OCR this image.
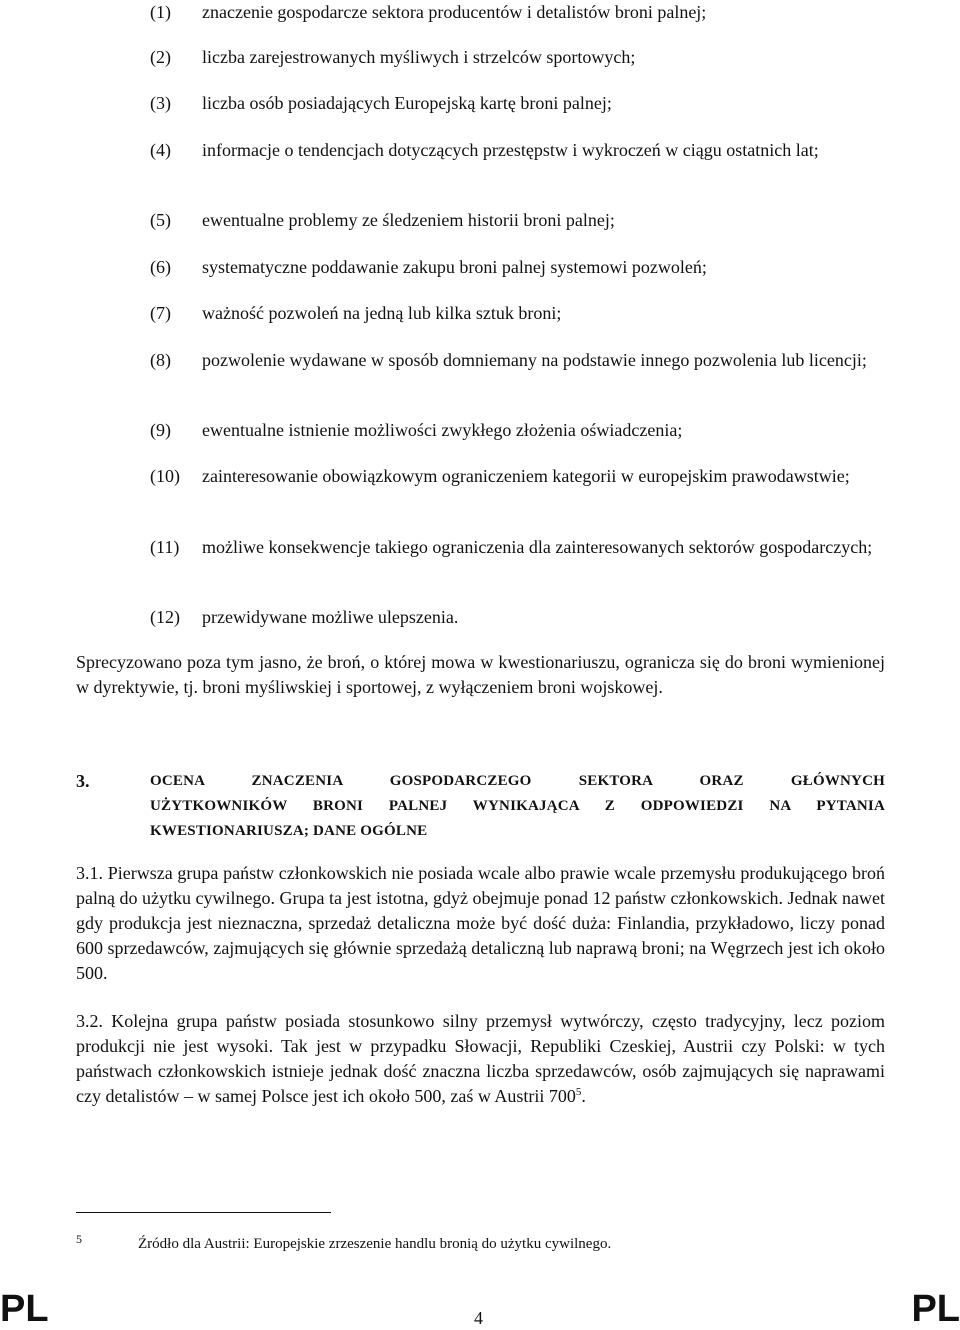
(1) znaczenie gospodarcze sektora producentów i detalistów broni palnej;
(2) liczba zarejestrowanych myśliwych i strzelców sportowych;
(3) liczba osób posiadających Europejską kartę broni palnej;
(4) informacje o tendencjach dotyczących przestępstw i wykroczeń w ciągu ostatnich lat;
(5) ewentualne problemy ze śledzeniem historii broni palnej;
(6) systematyczne poddawanie zakupu broni palnej systemowi pozwoleń;
(7) ważność pozwoleń na jedną lub kilka sztuk broni;
(8) pozwolenie wydawane w sposób domniemany na podstawie innego pozwolenia lub licencji;
(9) ewentualne istnienie możliwości zwykłego złożenia oświadczenia;
(10) zainteresowanie obowiązkowym ograniczeniem kategorii w europejskim prawodawstwie;
(11) możliwe konsekwencje takiego ograniczenia dla zainteresowanych sektorów gospodarczych;
(12) przewidywane możliwe ulepszenia.

Sprecyzowano poza tym jasno, że broń, o której mowa w kwestionariuszu, ogranicza się do broni wymienionej w dyrektywie, tj. broni myśliwskiej i sportowej, z wyłączeniem broni wojskowej.

3.	OCENA ZNACZENIA GOSPODARCZEGO SEKTORA ORAZ GŁÓWNYCH
UŻYTKOWNIKÓW BRONI PALNEJ WYNIKAJĄCA Z ODPOWIEDZI NA PYTANIA
KWESTIONARIUSZA; DANE OGÓLNE

3.1. Pierwsza grupa państw członkowskich nie posiada wcale albo prawie wcale przemysłu produkującego broń palną do użytku cywilnego. Grupa ta jest istotna, gdyż obejmuje ponad 12 państw członkowskich. Jednak nawet gdy produkcja jest nieznaczna, sprzedaż detaliczna może być dość duża: Finlandia, przykładowo, liczy ponad 600 sprzedawców, zajmujących się głównie sprzedażą detaliczną lub naprawą broni; na Węgrzech jest ich około 500.

3.2. Kolejna grupa państw posiada stosunkowo silny przemysł wytwórczy, często tradycyjny, lecz poziom produkcji nie jest wysoki. Tak jest w przypadku Słowacji, Republiki Czeskiej, Austrii czy Polski: w tych państwach członkowskich istnieje jednak dość znaczna liczba sprzedawców, osób zajmujących się naprawami czy detalistów – w samej Polsce jest ich około 500, zaś w Austrii $700^5$.

5	Źródło dla Austrii: Europejskie zrzeszenie handlu bronią do użytku cywilnego.
PL	4	PL
